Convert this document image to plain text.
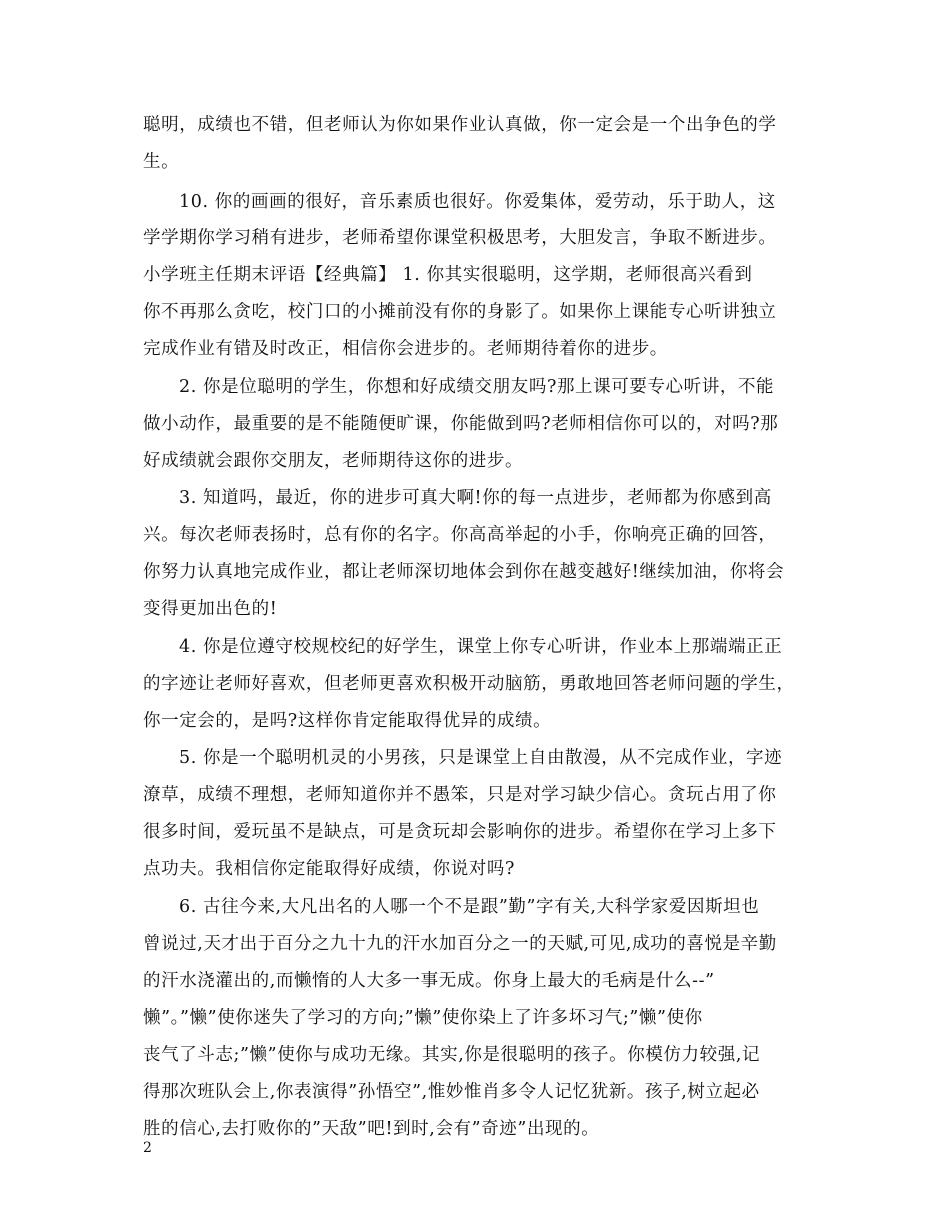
聪明，成绩也不错，但老师认为你如果作业认真做，你一定会是一个出争色的学
生。
10. 你的画画的很好，音乐素质也很好。你爱集体，爱劳动，乐于助人，这
学学期你学习稍有进步，老师希望你课堂积极思考，大胆发言，争取不断进步。
小学班主任期末评语【经典篇】 1. 你其实很聪明，这学期，老师很高兴看到
你不再那么贪吃，校门口的小摊前没有你的身影了。如果你上课能专心听讲独立
完成作业有错及时改正，相信你会进步的。老师期待着你的进步。
2. 你是位聪明的学生，你想和好成绩交朋友吗?那上课可要专心听讲，不能
做小动作，最重要的是不能随便旷课，你能做到吗?老师相信你可以的，对吗?那
好成绩就会跟你交朋友，老师期待这你的进步。
3. 知道吗，最近，你的进步可真大啊!你的每一点进步，老师都为你感到高
兴。每次老师表扬时，总有你的名字。你高高举起的小手，你响亮正确的回答，
你努力认真地完成作业，都让老师深切地体会到你在越变越好!继续加油，你将会
变得更加出色的!
4. 你是位遵守校规校纪的好学生，课堂上你专心听讲，作业本上那端端正正
的字迹让老师好喜欢，但老师更喜欢积极开动脑筋，勇敢地回答老师问题的学生，
你一定会的，是吗?这样你肯定能取得优异的成绩。
5. 你是一个聪明机灵的小男孩，只是课堂上自由散漫，从不完成作业，字迹
潦草，成绩不理想，老师知道你并不愚笨，只是对学习缺少信心。贪玩占用了你
很多时间，爱玩虽不是缺点，可是贪玩却会影响你的进步。希望你在学习上多下
点功夫。我相信你定能取得好成绩，你说对吗?
6. 古往今来,大凡出名的人哪一个不是跟”勤”字有关,大科学家爱因斯坦也
曾说过,天才出于百分之九十九的汗水加百分之一的天赋,可见,成功的喜悦是辛勤
的汗水浇灌出的,而懒惰的人大多一事无成。你身上最大的毛病是什么--”
懒”。”懒”使你迷失了学习的方向;”懒”使你染上了许多坏习气;”懒”使你
丧气了斗志;”懒”使你与成功无缘。其实,你是很聪明的孩子。你模仿力较强,记
得那次班队会上,你表演得”孙悟空”,惟妙惟肖多令人记忆犹新。孩子,树立起必
胜的信心,去打败你的”天敌”吧!到时,会有”奇迹”出现的。
2
